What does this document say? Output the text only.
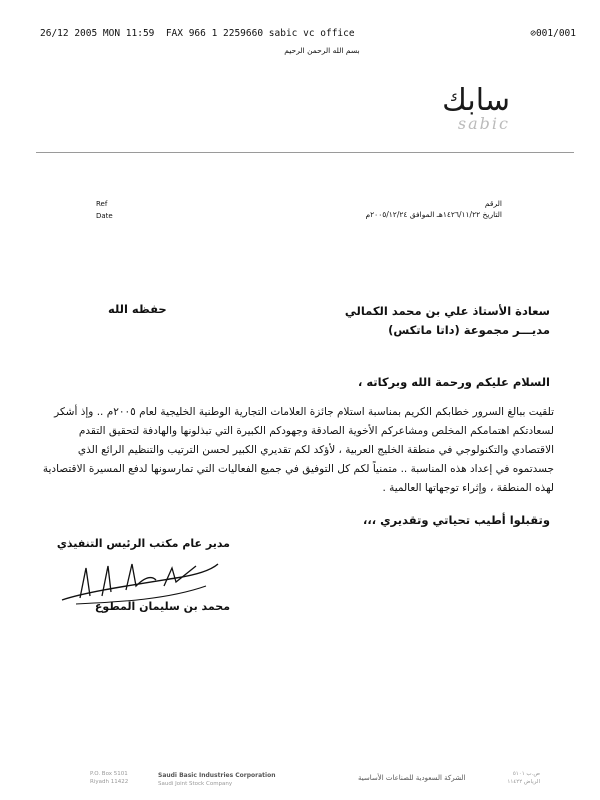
26/12 2005 MON 11:59  FAX 966 1 2259660 sabic vc office	⊘001/001
بسم الله الرحمن الرحيم
سابك
sabic
Ref
Date
الرقم
التاريخ ١٤٢٦/١١/٢٢هـ الموافق ٢٠٠٥/١٢/٢٤م
سعادة الأستاذ علي بن محمد الكمالي
مديـــر مجموعة (داتا ماتكس)
حفظه الله
السلام عليكم ورحمة الله وبركاته ،
تلقيت ببالغ السرور خطابكم الكريم بمناسبة استلام جائزة العلامات التجارية الوطنية الخليجية لعام ٢٠٠٥م .. وإذ أشكر لسعادتكم اهتمامكم المخلص ومشاعركم الأخوية الصادقة وجهودكم الكبيرة التي تبذلونها والهادفة لتحقيق التقدم الاقتصادي والتكنولوجي في منطقة الخليج العربية ، لأؤكد لكم تقديري الكبير لحسن الترتيب والتنظيم الرائع الذي جسدتموه في إعداد هذه المناسبة .. متمنياً لكم كل التوفيق في جميع الفعاليات التي تمارسونها لدفع المسيرة الاقتصادية لهذه المنطقة ، وإثراء توجهاتها العالمية .
وتقبلوا أطيب تحياتي وتقديري ،،،
مدير عام مكتب الرئيس التنفيذي
محمد بن سليمان المطوع
P.O. Box 5101
Riyadh 11422
Saudi Basic Industries Corporation
Saudi Joint Stock Company
الشركة السعودية للصناعات الأساسية	ص.ب ٥١٠١
الرياض ١١٤٢٢
